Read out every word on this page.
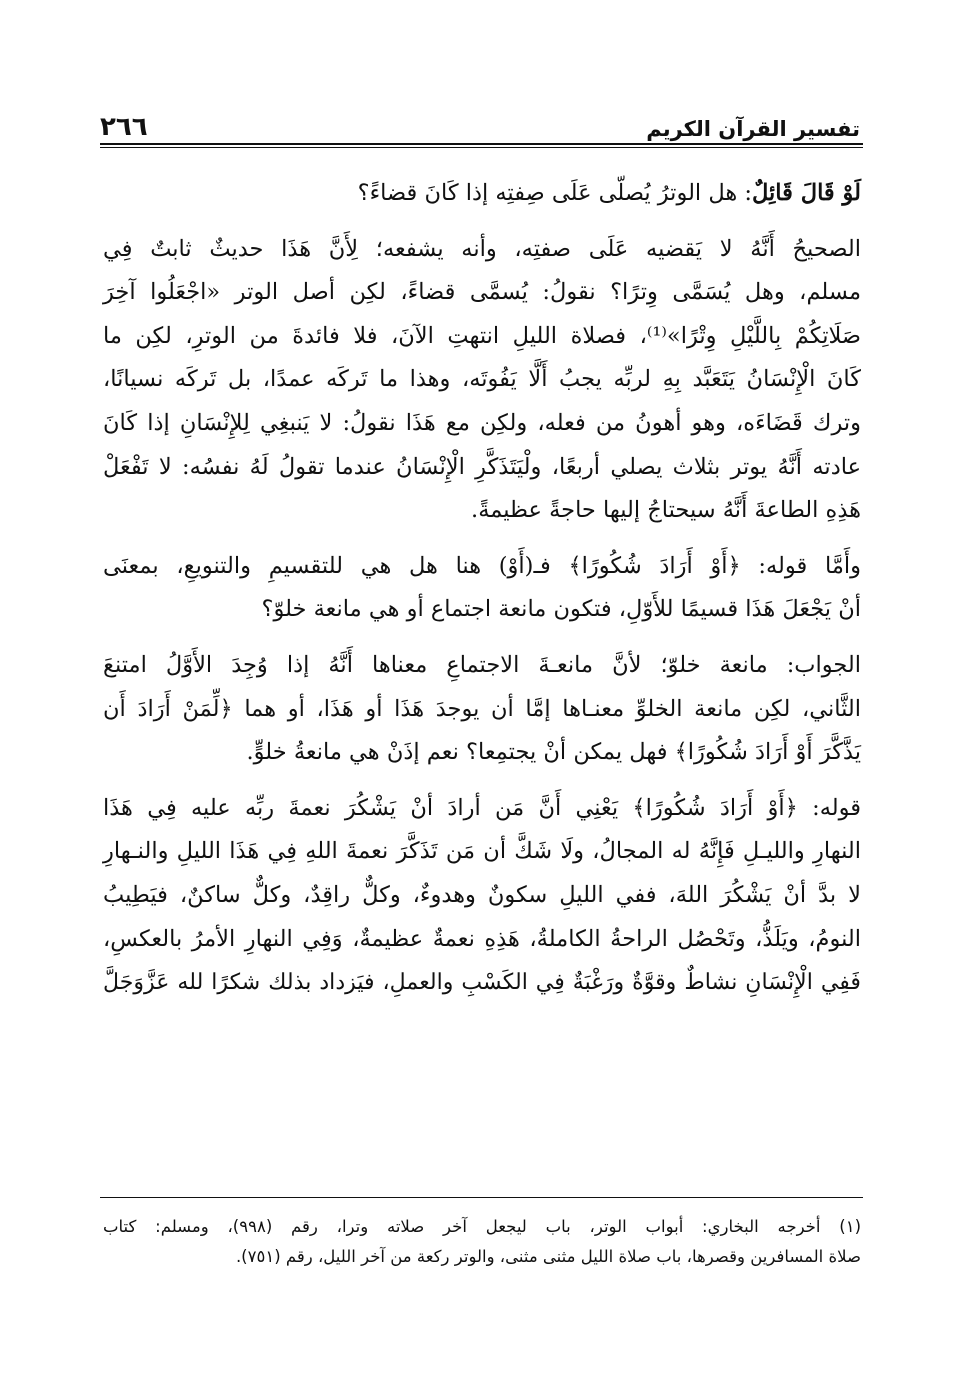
٢٦٦	تفسير القرآن الكريم

لَوْ قَالَ قَائِلٌ: هل الوترُ يُصلّى عَلَى صِفتِه إذا كَانَ قضاءً؟

الصحيحُ أَنَّهُ لا يَقضيه عَلَى صفتِه، وأنه يشفعه؛ لِأَنَّ هَذَا حديثٌ ثابتٌ فِي
مسلم، وهل يُسَمَّى وِترًا؟ نقولُ: يُسمَّى قضاءً، لكِن أصل الوتر «اجْعَلُوا آخِرَ
صَلَاتِكُمْ بِاللَّيْلِ وِتْرًا»⁽¹⁾، فصلاة الليلِ انتهتِ الآنَ، فلا فائدةَ من الوترِ، لكِن ما
كَانَ الْإِنْسَانُ يَتَعَبَّد بِهِ لربِّه يجبُ أَلَّا يَفُوتَه، وهذا ما تَركَه عمدًا، بل تَركَه نسيانًا،
وترك قَضَاءَه، وهو أهونُ من فعله، ولكِن مع هَذَا نقولُ: لا يَنبغِي لِلإِنْسَانِ إذا كَانَ
عادته أَنَّهُ يوتر بثلاث يصلي أربعًا، ولْيَتَذَكَّرِ الْإِنْسَانُ عندما تقولُ لَهُ نفسُه: لا تَفْعَلْ
هَذِهِ الطاعةَ أَنَّهُ سيحتاجُ إليها حاجةً عظيمةً.

وأَمَّا قوله: ﴿أَوْ أَرَادَ شُكُورًا﴾ فـ(أَوْ) هنا هل هي للتقسيمِ والتنويعِ، بمعنَى
أنْ يَجْعَلَ هَذَا قسيمًا للأَوّلِ، فتكون مانعة اجتماع أو هي مانعة خلوّ؟

الجواب: مانعة خلوّ؛ لأنَّ مانعـةَ الاجتماعِ معناها أَنَّهُ إذا وُجِدَ الأَوَّلُ امتنعَ
الثَّاني، لكِن مانعة الخلوِّ معنـاها إمَّا أن يوجدَ هَذَا أو هَذَا، أو هما ﴿لِّمَنْ أَرَادَ أَن
يَذَّكَّرَ أَوْ أَرَادَ شُكُورًا﴾ فهل يمكن أنْ يجتمِعا؟ نعم إذَنْ هي مانعةُ خلوٍّ.

قوله: ﴿أَوْ أَرَادَ شُكُورًا﴾ يَعْنِي أَنَّ مَن أرادَ أنْ يَشْكُرَ نعمةَ ربِّه عليه فِي هَذَا
النهارِ والليـلِ فَإِنَّهُ له المجالُ، ولَا شَكَّ أن مَن تَذَكَّرَ نعمةَ اللهِ فِي هَذَا الليلِ والنـهارِ
لا بدَّ أنْ يَشْكُرَ اللهَ، ففي الليلِ سكونٌ وهدوءٌ، وكلٌّ راقِدٌ، وكلٌّ ساكنٌ، فيَطِيبُ
النومُ، ويَلَذُّ، وتَحْصُل الراحةُ الكاملةُ، هَذِهِ نعمةٌ عظيمةٌ، وَفِي النهارِ الأمرُ بالعكسِ،
فَفِي الْإِنْسَانِ نشاطٌ وقوَّةٌ ورَغْبَةٌ فِي الكَسْبِ والعملِ، فيَزداد بذلك شكرًا لله عَزَّوَجَلَّ

(١) أخرجه البخاري: أبواب الوتر، باب ليجعل آخر صلاته وترا، رقم (٩٩٨)، ومسلم: كتاب
صلاة المسافرين وقصرها، باب صلاة الليل مثنى مثنى، والوتر ركعة من آخر الليل، رقم (٧٥١).
